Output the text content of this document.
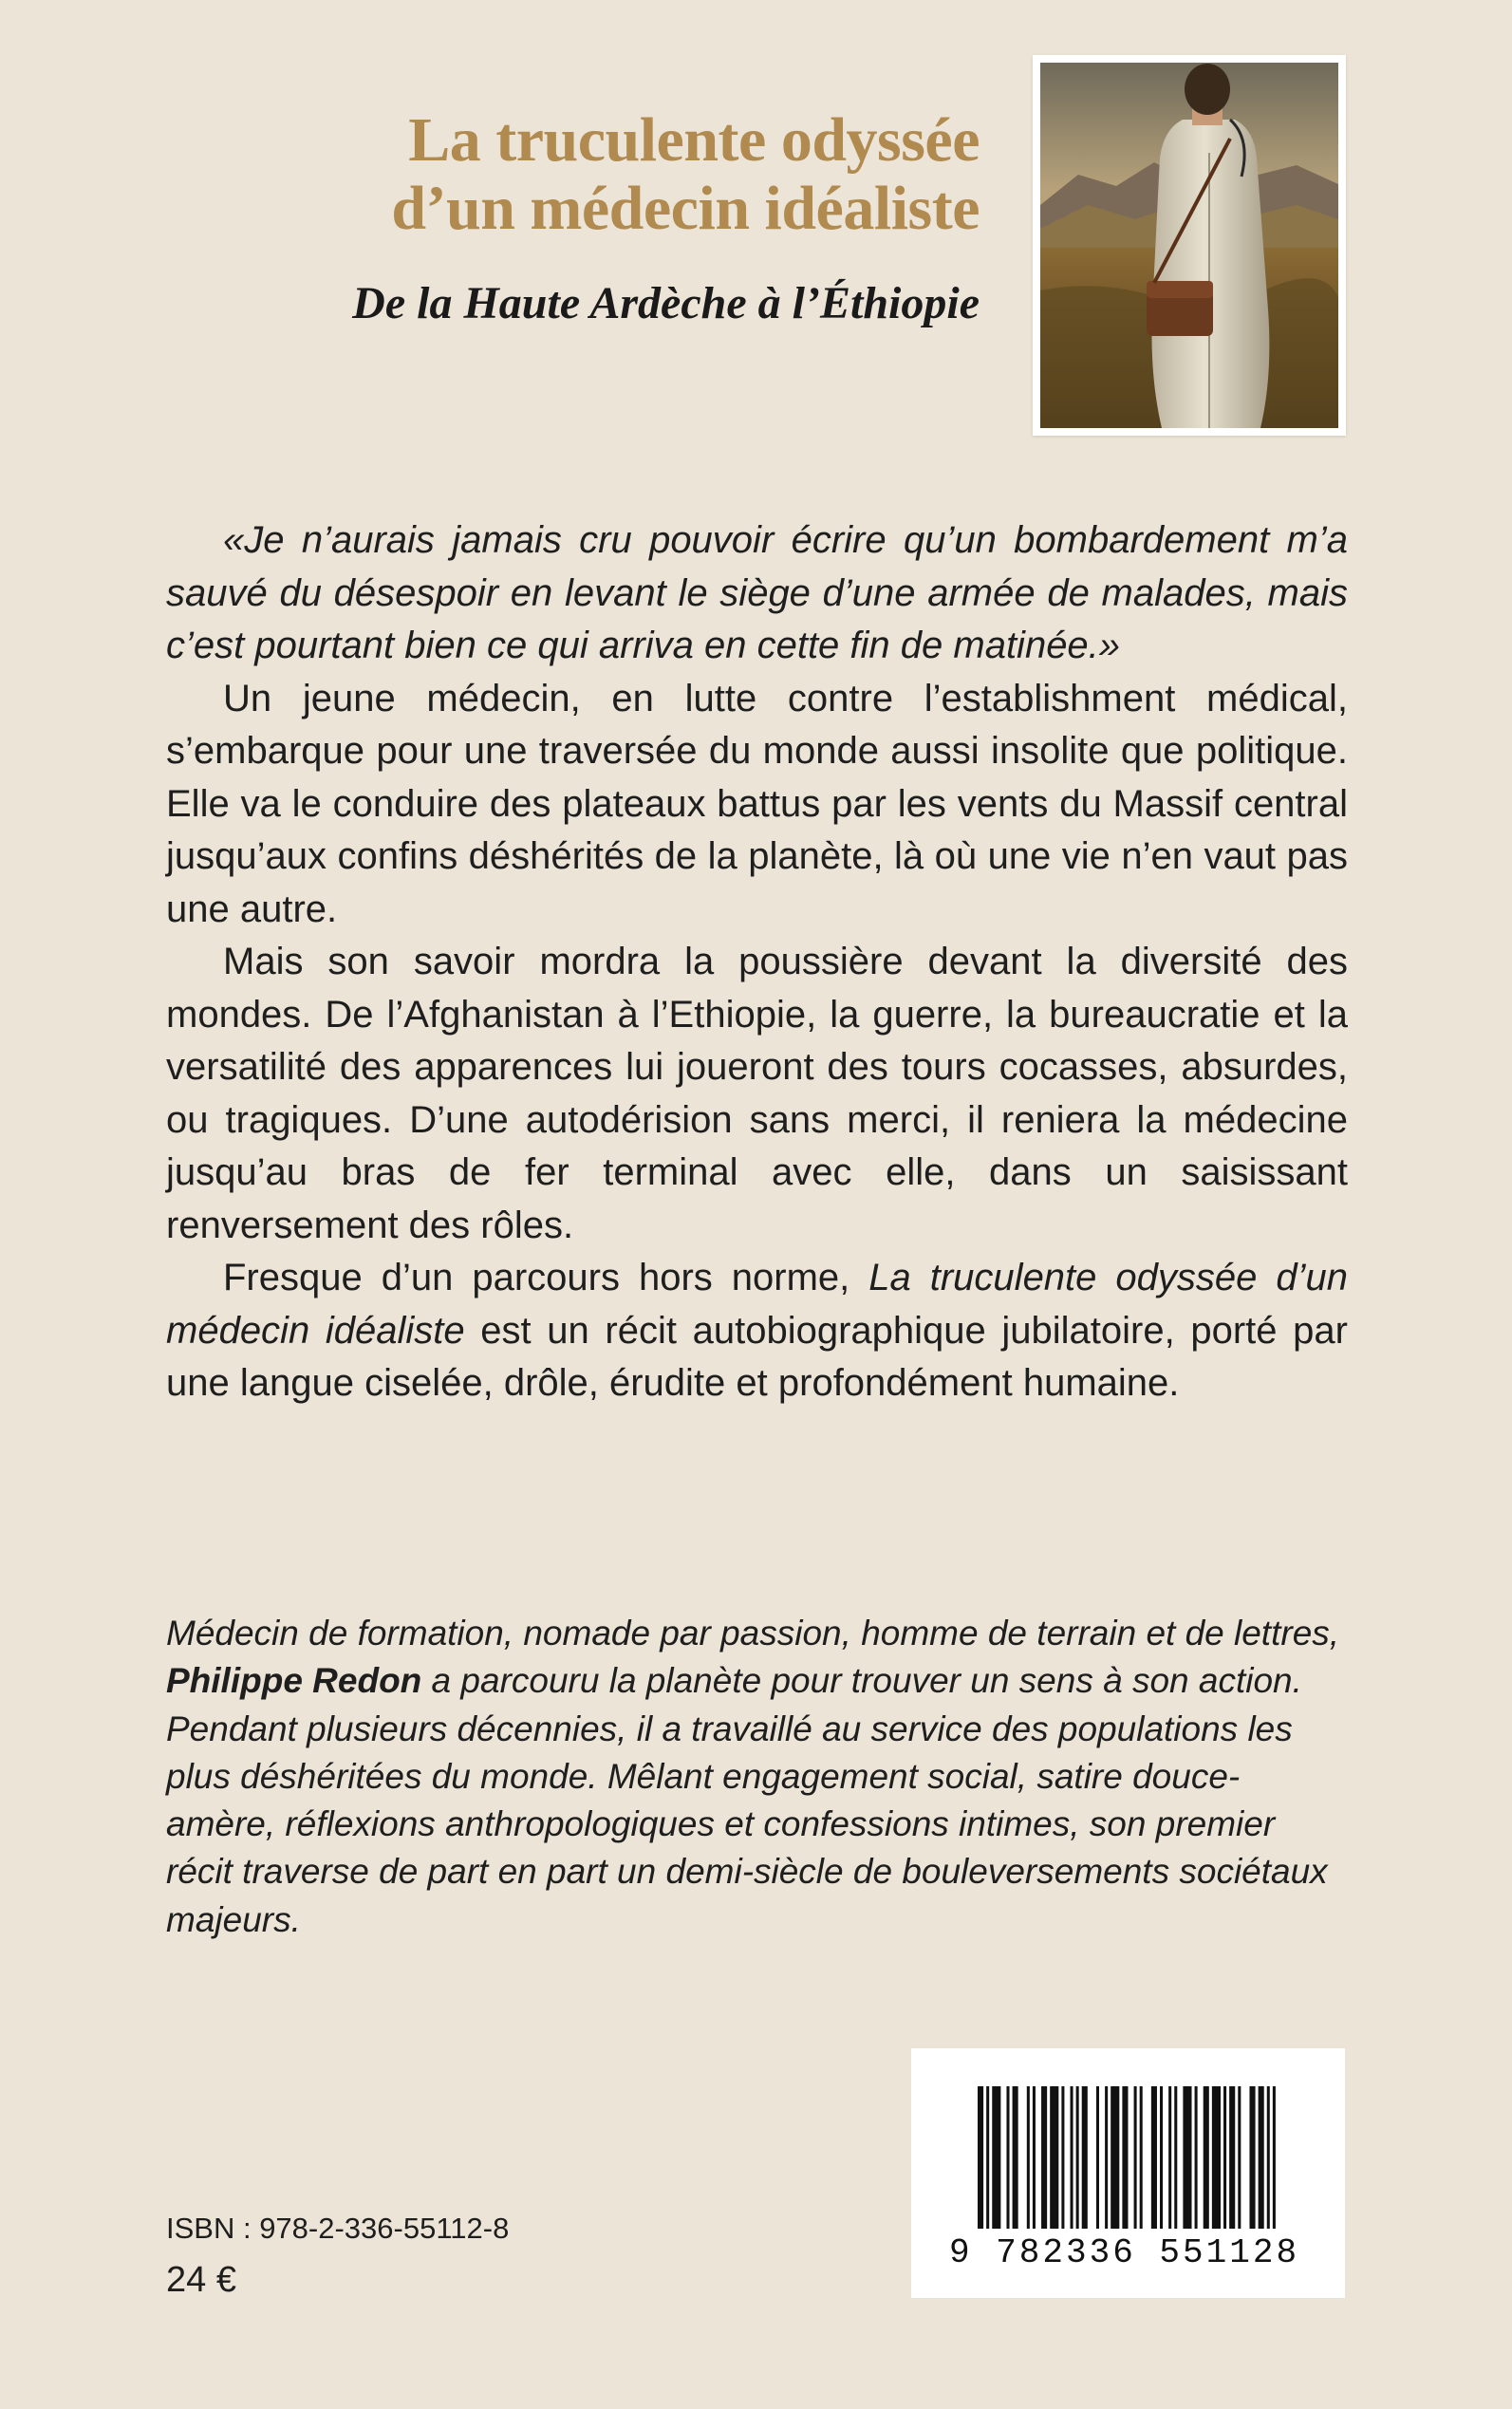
La truculente odyssée
d’un médecin idéaliste
De la Haute Ardèche à l’Éthiopie

«Je n’aurais jamais cru pouvoir écrire qu’un bombardement m’a sauvé du désespoir en levant le siège d’une armée de malades, mais c’est pourtant bien ce qui arriva en cette fin de matinée.»

Un jeune médecin, en lutte contre l’establishment médical, s’embarque pour une traversée du monde aussi insolite que politique. Elle va le conduire des plateaux battus par les vents du Massif central jusqu’aux confins déshérités de la planète, là où une vie n’en vaut pas une autre.

Mais son savoir mordra la poussière devant la diversité des mondes. De l’Afghanistan à l’Ethiopie, la guerre, la bureaucratie et la versatilité des apparences lui joueront des tours cocasses, absurdes, ou tragiques. D’une autodérision sans merci, il reniera la médecine jusqu’au bras de fer terminal avec elle, dans un saisissant renversement des rôles.

Fresque d’un parcours hors norme, La truculente odyssée d’un médecin idéaliste est un récit autobiographique jubilatoire, porté par une langue ciselée, drôle, érudite et profondément humaine.

Médecin de formation, nomade par passion, homme de terrain et de lettres, Philippe Redon a parcouru la planète pour trouver un sens à son action. Pendant plusieurs décennies, il a travaillé au service des populations les plus déshéritées du monde. Mêlant engagement social, satire douce-amère, réflexions anthropologiques et confessions intimes, son premier récit traverse de part en part un demi-siècle de bouleversements sociétaux majeurs.

ISBN : 978-2-336-55112-8
24 €
9 782336 551128
